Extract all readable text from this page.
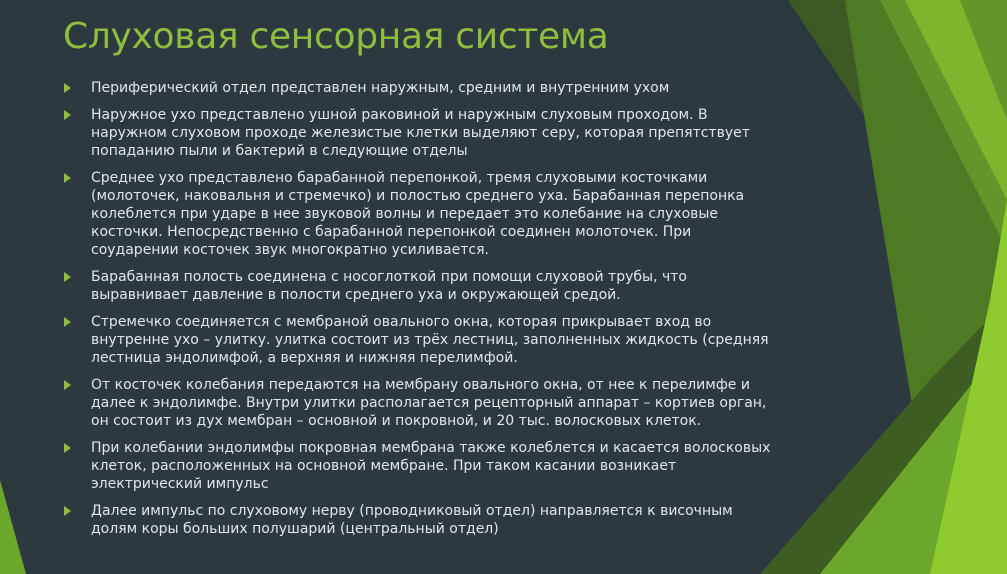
Слуховая сенсорная система
Периферический отдел представлен наружным, средним и внутренним ухом
Наружное ухо представлено ушной раковиной и наружным слуховым проходом. В наружном слуховом проходе железистые клетки выделяют серу, которая препятствует попаданию пыли и бактерий в следующие отделы
Среднее ухо представлено барабанной перепонкой, тремя слуховыми косточками (молоточек, наковальня и стремечко) и полостью среднего уха. Барабанная перепонка колеблется при ударе в нее звуковой волны и передает это колебание на слуховые косточки. Непосредственно с барабанной перепонкой соединен молоточек. При соударении косточек звук многократно усиливается.
Барабанная полость соединена с носоглоткой при помощи слуховой трубы, что выравнивает давление в полости среднего уха и окружающей средой.
Стремечко соединяется с мембраной овального окна, которая прикрывает вход во внутренне ухо – улитку. улитка состоит из трёх лестниц, заполненных жидкость (средняя лестница эндолимфой, а верхняя и нижняя перелимфой.
От косточек колебания передаются на мембрану овального окна, от нее к перелимфе и далее к эндолимфе. Внутри улитки располагается рецепторный аппарат – кортиев орган, он состоит из дух мембран – основной и покровной, и 20 тыс. волосковых клеток.
При колебании эндолимфы покровная мембрана также колеблется и касается волосковых клеток, расположенных на основной мембране. При таком касании возникает электрический импульс
Далее импульс по слуховому нерву (проводниковый отдел) направляется к височным долям коры больших полушарий (центральный отдел)
